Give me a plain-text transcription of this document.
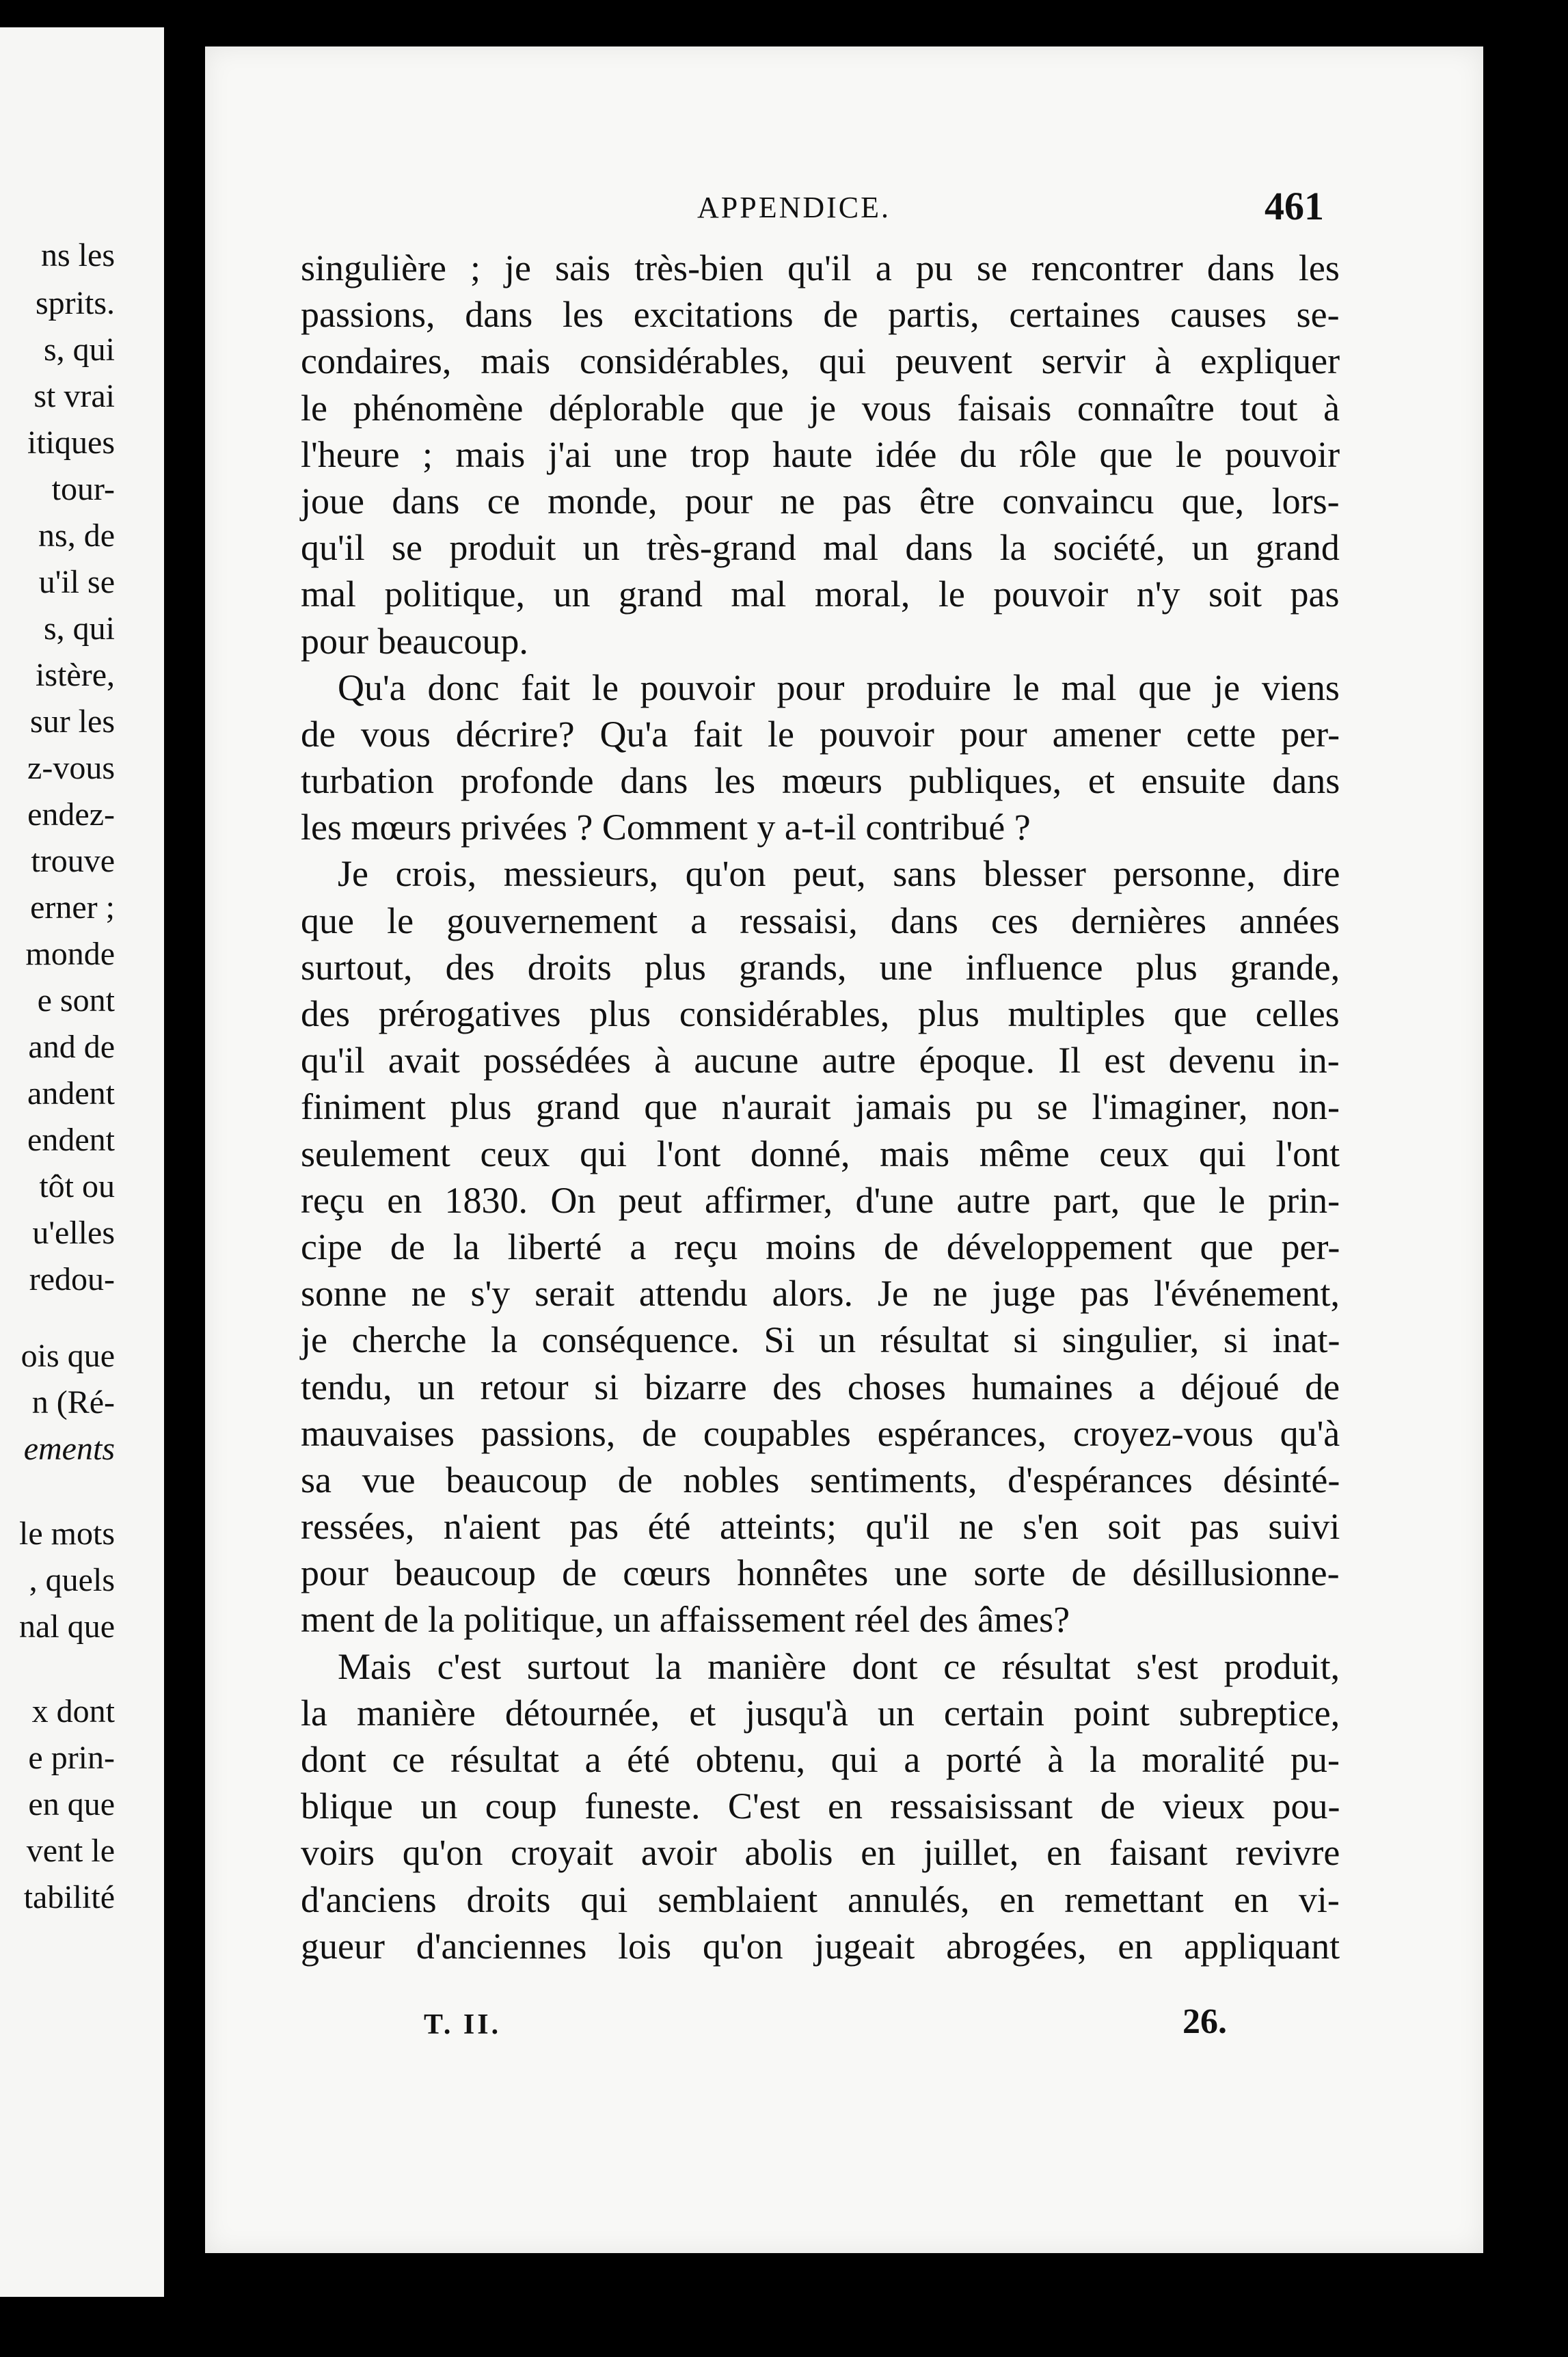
ns les
sprits.
s, qui
st vrai
itiques
tour-
ns, de
u'il se
s, qui
istère,
sur les
z-vous
endez-
trouve
erner ;
monde
e sont
and de
andent
endent
tôt ou
u'elles
redou-
ois que
n (Ré-
ements
le mots
, quels
nal que
x dont
e prin-
en que
vent le
tabilité
APPENDICE.	461
singulière ; je sais très-bien qu'il a pu se rencontrer dans les
passions, dans les excitations de partis, certaines causes se-
condaires, mais considérables, qui peuvent servir à expliquer
le phénomène déplorable que je vous faisais connaître tout à
l'heure ; mais j'ai une trop haute idée du rôle que le pouvoir
joue dans ce monde, pour ne pas être convaincu que, lors-
qu'il se produit un très-grand mal dans la société, un grand
mal politique, un grand mal moral, le pouvoir n'y soit pas
pour beaucoup.
 Qu'a donc fait le pouvoir pour produire le mal que je viens
de vous décrire? Qu'a fait le pouvoir pour amener cette per-
turbation profonde dans les mœurs publiques, et ensuite dans
les mœurs privées ? Comment y a-t-il contribué ?
 Je crois, messieurs, qu'on peut, sans blesser personne, dire
que le gouvernement a ressaisi, dans ces dernières années
surtout, des droits plus grands, une influence plus grande,
des prérogatives plus considérables, plus multiples que celles
qu'il avait possédées à aucune autre époque. Il est devenu in-
finiment plus grand que n'aurait jamais pu se l'imaginer, non-
seulement ceux qui l'ont donné, mais même ceux qui l'ont
reçu en 1830. On peut affirmer, d'une autre part, que le prin-
cipe de la liberté a reçu moins de développement que per-
sonne ne s'y serait attendu alors. Je ne juge pas l'événement,
je cherche la conséquence. Si un résultat si singulier, si inat-
tendu, un retour si bizarre des choses humaines a déjoué de
mauvaises passions, de coupables espérances, croyez-vous qu'à
sa vue beaucoup de nobles sentiments, d'espérances désinté-
ressées, n'aient pas été atteints; qu'il ne s'en soit pas suivi
pour beaucoup de cœurs honnêtes une sorte de désillusionne-
ment de la politique, un affaissement réel des âmes?
 Mais c'est surtout la manière dont ce résultat s'est produit,
la manière détournée, et jusqu'à un certain point subreptice,
dont ce résultat a été obtenu, qui a porté à la moralité pu-
blique un coup funeste. C'est en ressaisissant de vieux pou-
voirs qu'on croyait avoir abolis en juillet, en faisant revivre
d'anciens droits qui semblaient annulés, en remettant en vi-
gueur d'anciennes lois qu'on jugeait abrogées, en appliquant
T. II.	26.
